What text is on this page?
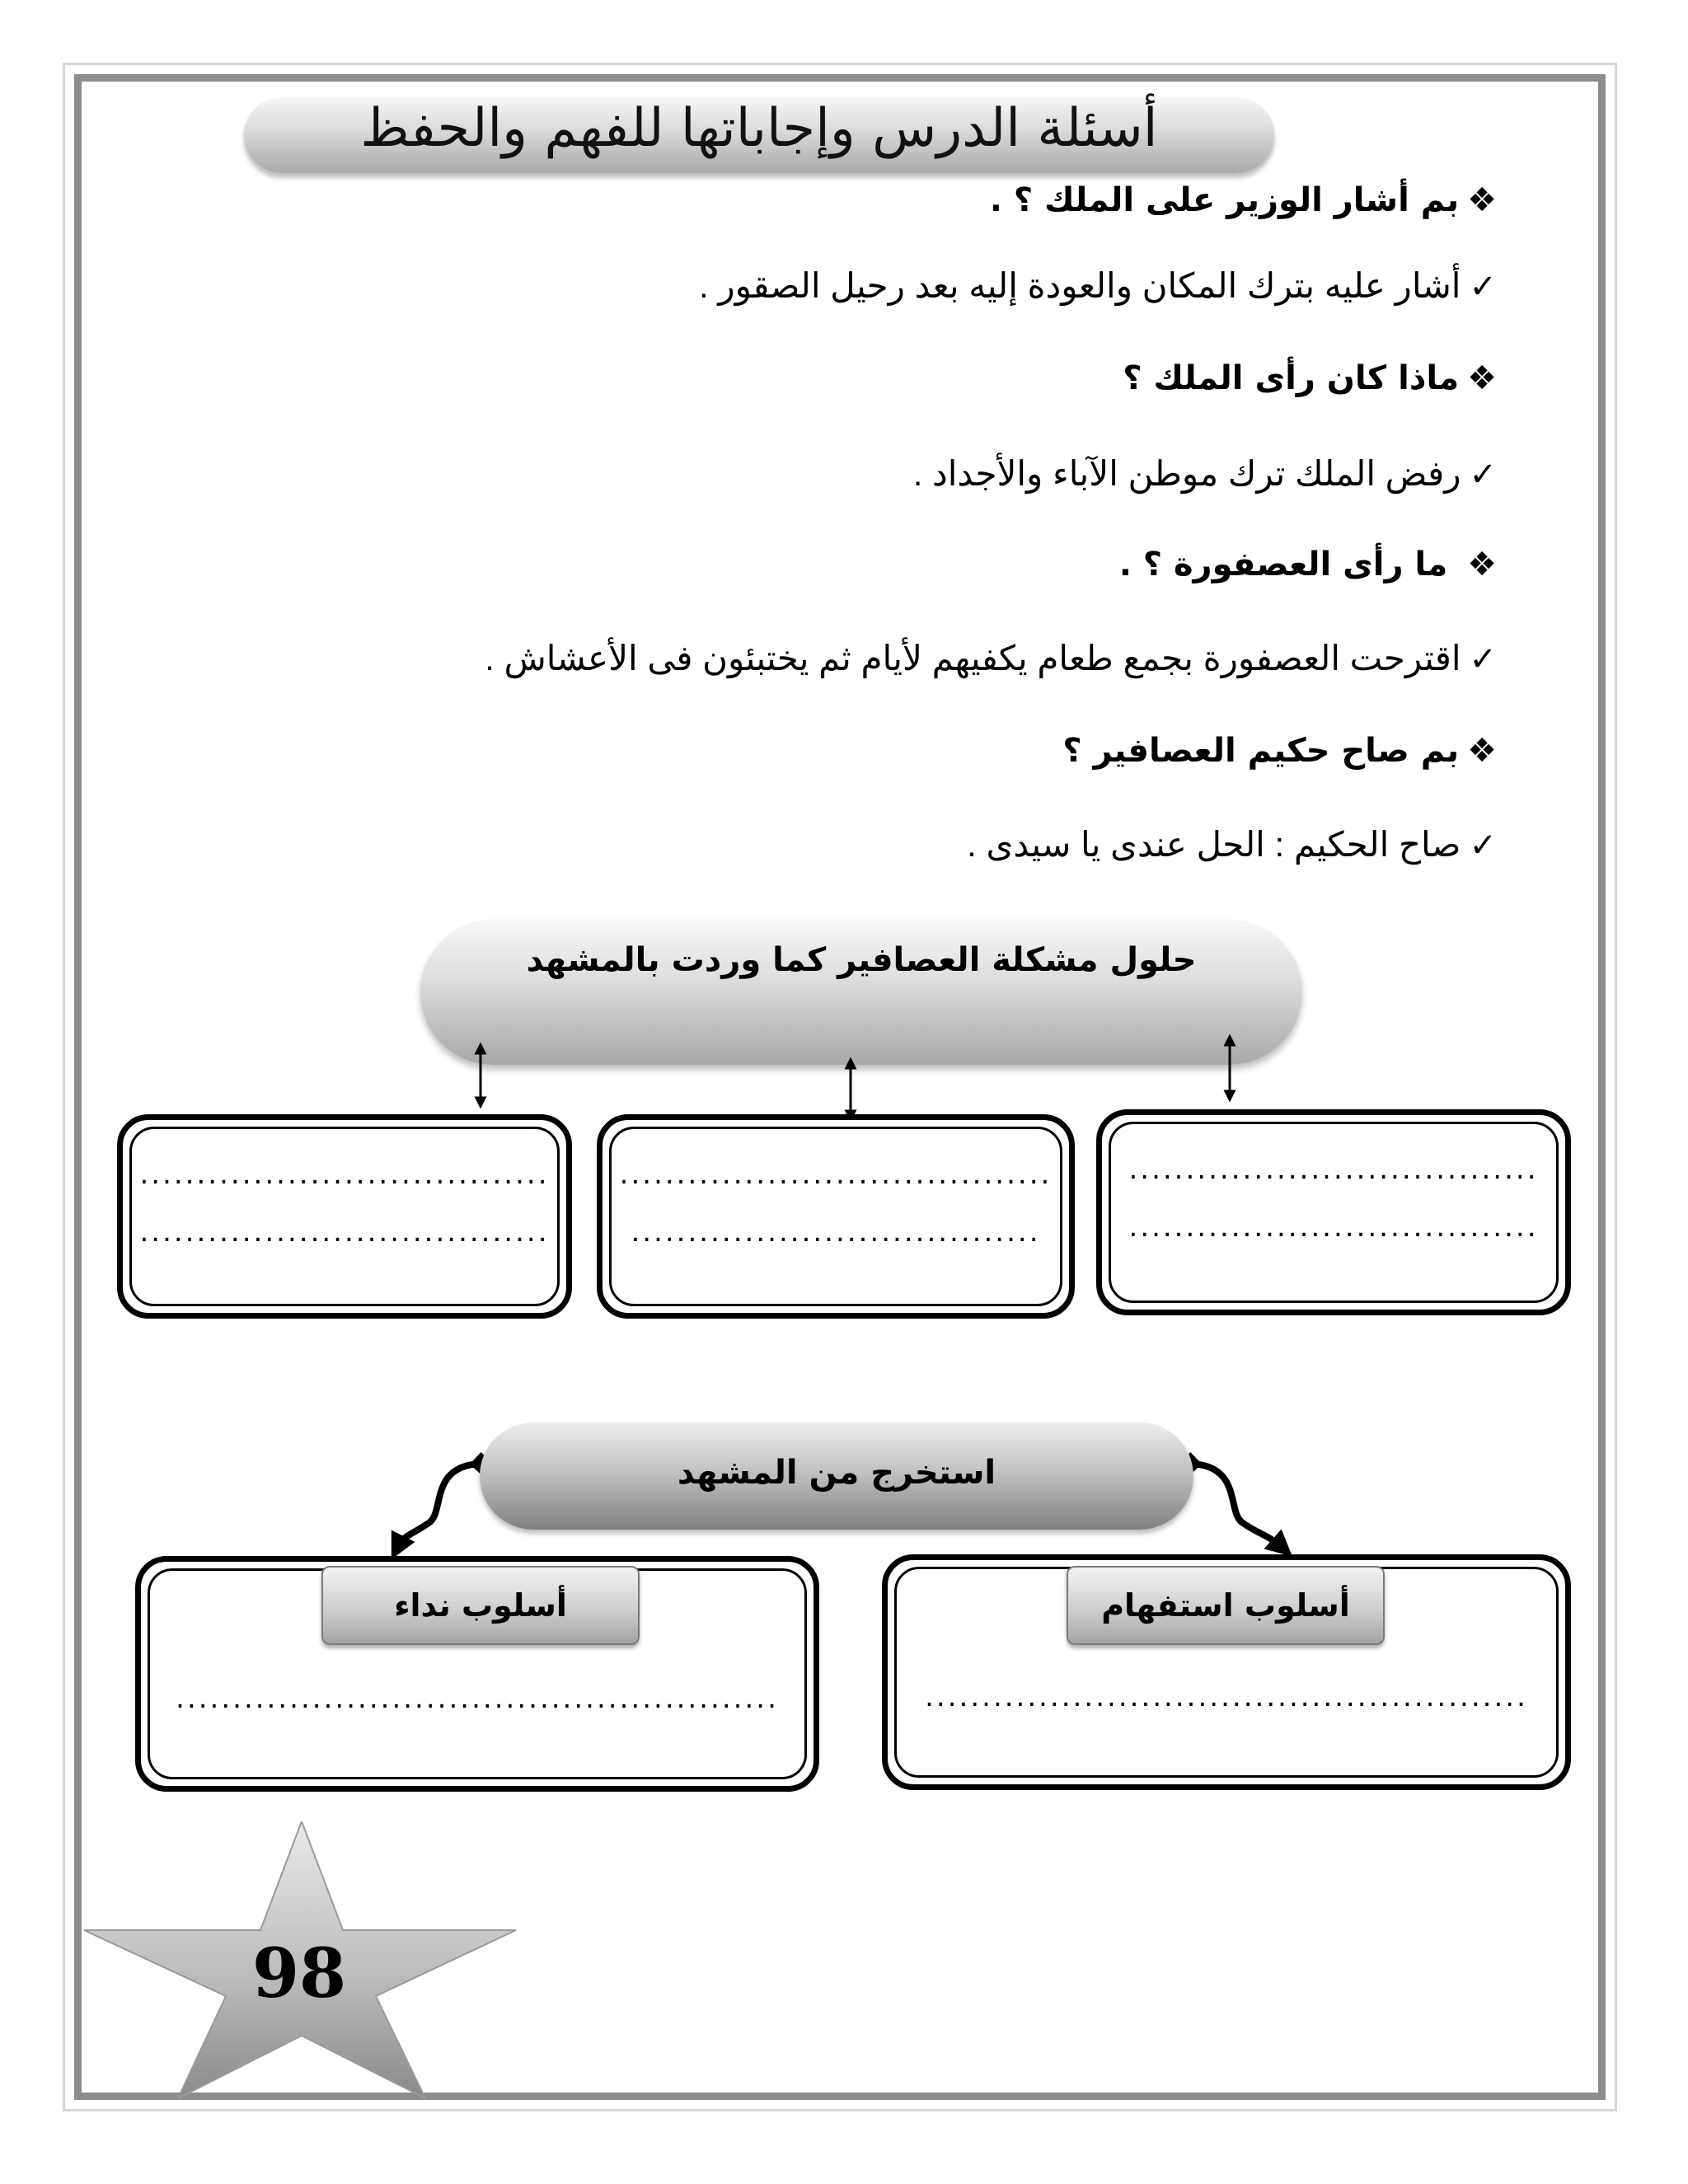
أسئلة الدرس وإجاباتها للفهم والحفظ
❖بم أشار الوزير على الملك ؟ .
✓أشار عليه بترك المكان والعودة إليه بعد رحيل الصقور .
❖ماذا كان رأى الملك ؟
✓رفض الملك ترك موطن الآباء والأجداد .
❖ ما رأى العصفورة ؟ .
✓اقترحت العصفورة بجمع طعام يكفيهم لأيام ثم يختبئون فى الأعشاش .
❖بم صاح حكيم العصافير ؟
✓صاح الحكيم : الحل عندى يا سيدى .
حلول مشكلة العصافير كما وردت بالمشهد
....................................
....................................
......................................
....................................
....................................
....................................
استخرج من المشهد
.....................................................	.....................................................
أسلوب نداء	أسلوب استفهام
98
